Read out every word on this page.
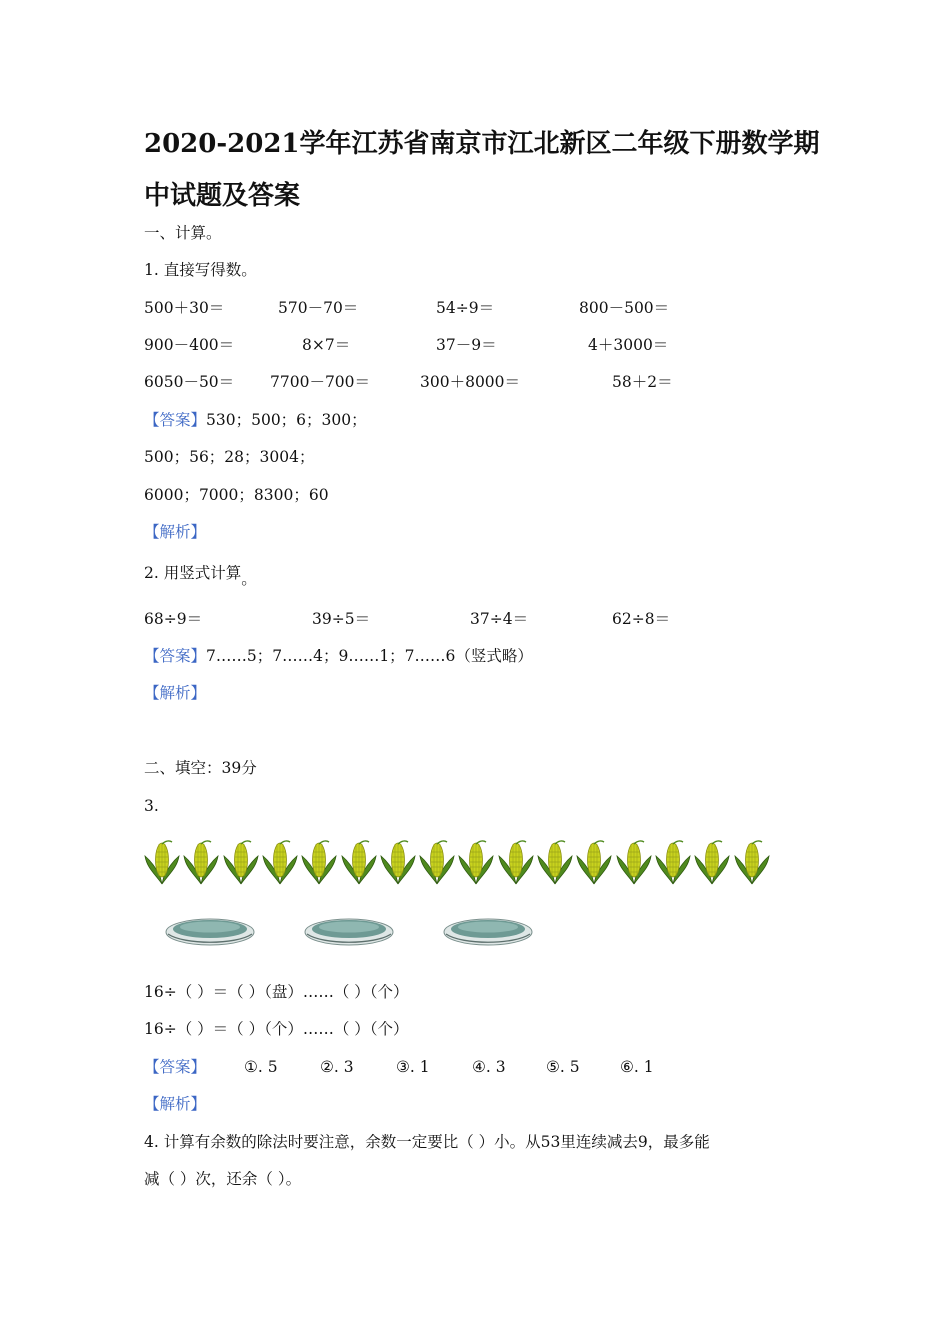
2020-2021学年江苏省南京市江北新区二年级下册数学期中试题及答案
一、计算。
1. 直接写得数。
500＋30＝	570－70＝	54÷9＝	800－500＝
900－400＝	8×7＝	37－9＝	4＋3000＝
6050－50＝ 7700－700＝	300＋8000＝	58＋2＝
【答案】530；500；6；300；
500；56；28；3004；
6000；7000；8300；60
【解析】
2. 用竖式计算。
68÷9＝	39÷5＝	37÷4＝	62÷8＝
【答案】7……5；7……4；9……1；7……6（竖式略）
【解析】
二、填空：39分
3.
16÷（ ）＝（ ）（盘）……（ ）（个）
16÷（ ）＝（ ）（个）……（ ）（个）
【答案】 ①. 5	②. 3	③. 1	④. 3	⑤. 5	⑥. 1
【解析】
4. 计算有余数的除法时要注意，余数一定要比（ ）小。从53里连续减去9，最多能
减（ ）次，还余（ ）。
